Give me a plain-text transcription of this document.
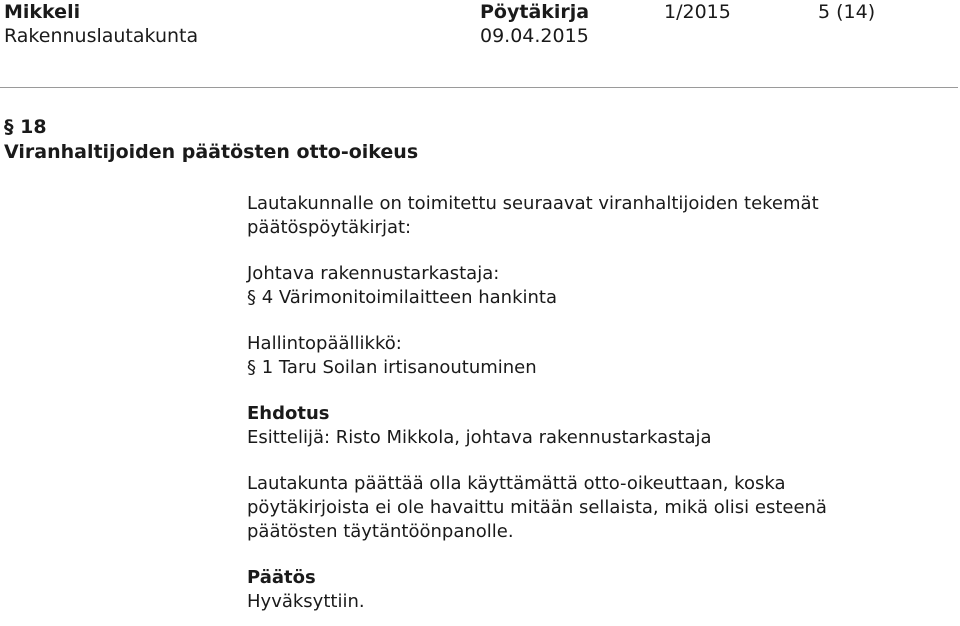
Mikkeli
Rakennuslautakunta
Pöytäkirja
09.04.2015
1/2015	5 (14)
§ 18
Viranhaltijoiden päätösten otto-oikeus

Lautakunnalle on toimitettu seuraavat viranhaltijoiden tekemät

päätöspöytäkirjat:

Johtava rakennustarkastaja:

§ 4 Värimonitoimilaitteen hankinta

Hallintopäällikkö:

§ 1 Taru Soilan irtisanoutuminen

Ehdotus

Esittelijä: Risto Mikkola, johtava rakennustarkastaja

Lautakunta päättää olla käyttämättä otto-oikeuttaan, koska

pöytäkirjoista ei ole havaittu mitään sellaista, mikä olisi esteenä

päätösten täytäntöönpanolle.

Päätös

Hyväksyttiin.
